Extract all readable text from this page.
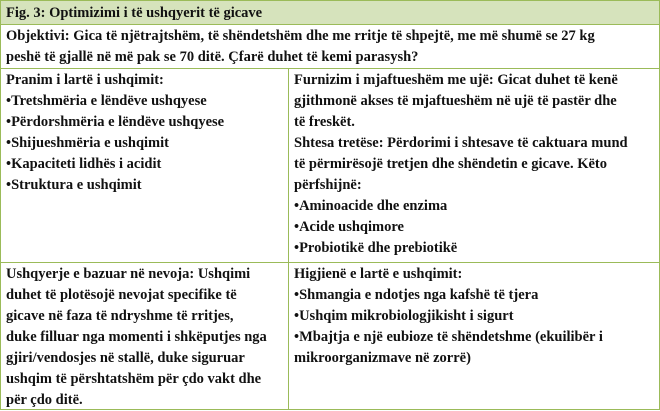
Fig. 3: Optimizimi i të ushqyerit të gicave
Objektivi: Gica të njëtrajtshëm, të shëndetshëm dhe me rritje të shpejtë, me më shumë se 27 kg
peshë të gjallë në më pak se 70 ditë. Çfarë duhet të kemi parasysh?
Pranim i lartë i ushqimit:
•Tretshmëria e lëndëve ushqyese
•Përdorshmëria e lëndëve ushqyese
•Shijueshmëria e ushqimit
•Kapaciteti lidhës i acidit
•Struktura e ushqimit
Furnizim i mjaftueshëm me ujë: Gicat duhet të kenë
gjithmonë akses të mjaftueshëm në ujë të pastër dhe
të freskët.
Shtesa tretëse: Përdorimi i shtesave të caktuara mund
të përmirësojë tretjen dhe shëndetin e gicave. Këto
përfshijnë:
•Aminoacide dhe enzima
•Acide ushqimore
•Probiotikë dhe prebiotikë
Ushqyerje e bazuar në nevoja: Ushqimi
duhet të plotësojë nevojat specifike të
gicave në faza të ndryshme të rritjes,
duke filluar nga momenti i shkëputjes nga
gjiri/vendosjes në stallë, duke siguruar
ushqim të përshtatshëm për çdo vakt dhe
për çdo ditë.
Higjienë e lartë e ushqimit:
•Shmangia e ndotjes nga kafshë të tjera
•Ushqim mikrobiologjikisht i sigurt
•Mbajtja e një eubioze të shëndetshme (ekuilibër i
mikroorganizmave në zorrë)
